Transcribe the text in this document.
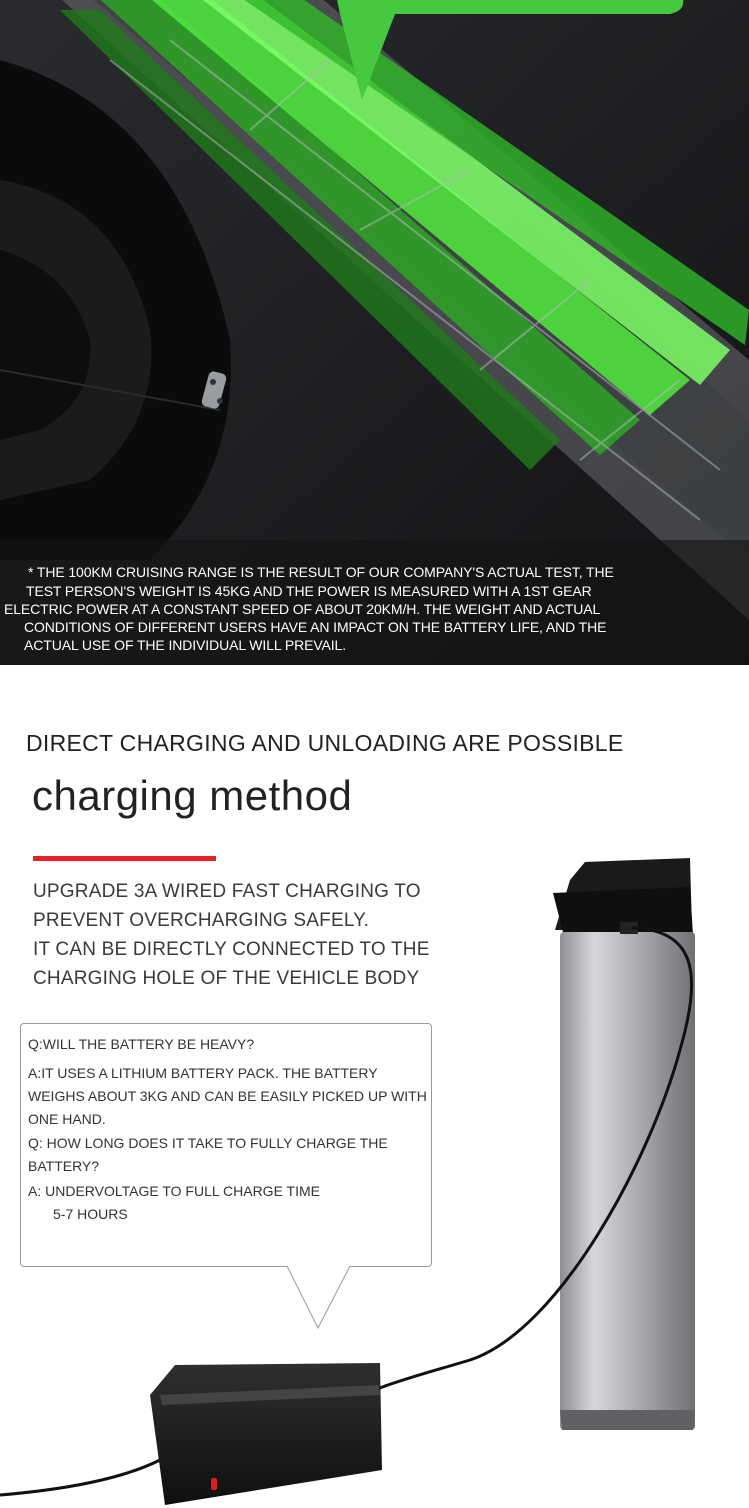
* THE 100KM CRUISING RANGE IS THE RESULT OF OUR COMPANY'S ACTUAL TEST, THE
TEST PERSON'S WEIGHT IS 45KG AND THE POWER IS MEASURED WITH A 1ST GEAR
ELECTRIC POWER AT A CONSTANT SPEED OF ABOUT 20KM/H. THE WEIGHT AND ACTUAL
CONDITIONS OF DIFFERENT USERS HAVE AN IMPACT ON THE BATTERY LIFE, AND THE
ACTUAL USE OF THE INDIVIDUAL WILL PREVAIL.
DIRECT CHARGING AND UNLOADING ARE POSSIBLE
charging method
UPGRADE 3A WIRED FAST CHARGING TO
PREVENT OVERCHARGING SAFELY.
IT CAN BE DIRECTLY CONNECTED TO THE
CHARGING HOLE OF THE VEHICLE BODY
Q:WILL THE BATTERY BE HEAVY?
A:IT USES A LITHIUM BATTERY PACK. THE BATTERY WEIGHS ABOUT 3KG AND CAN BE EASILY PICKED UP WITH ONE HAND.
Q: HOW LONG DOES IT TAKE TO FULLY CHARGE THE BATTERY?
A: UNDERVOLTAGE TO FULL CHARGE TIME
5-7 HOURS
